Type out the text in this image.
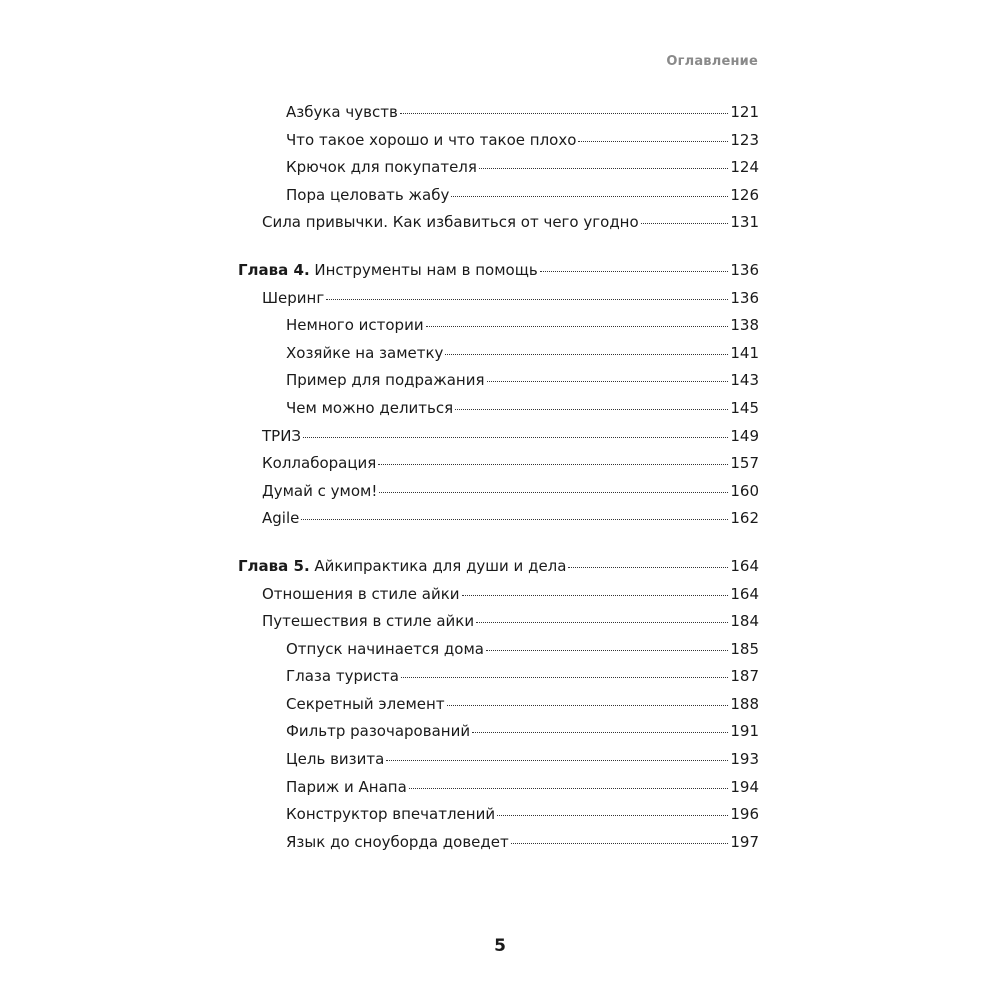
Оглавление
Азбука чувств	121
Что такое хорошо и что такое плохо	123
Крючок для покупателя	124
Пора целовать жабу	126
Сила привычки. Как избавиться от чего угодно	131
Глава 4. Инструменты нам в помощь	136
Шеринг	136
Немного истории	138
Хозяйке на заметку	141
Пример для подражания	143
Чем можно делиться	145
ТРИЗ	149
Коллаборация	157
Думай с умом!	160
Agile	162
Глава 5. Айкипрактика для души и дела	164
Отношения в стиле айки	164
Путешествия в стиле айки	184
Отпуск начинается дома	185
Глаза туриста	187
Секретный элемент	188
Фильтр разочарований	191
Цель визита	193
Париж и Анапа	194
Конструктор впечатлений	196
Язык до сноуборда доведет	197
5
